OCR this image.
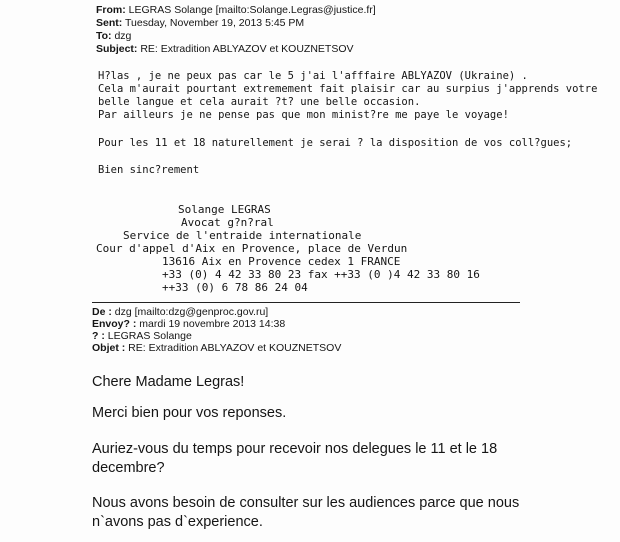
From: LEGRAS Solange [mailto:Solange.Legras@justice.fr]
Sent: Tuesday, November 19, 2013 5:45 PM
To: dzg
Subject: RE: Extradition ABLYAZOV et KOUZNETSOV
H?las , je ne peux pas car le 5 j'ai l'afffaire ABLYAZOV (Ukraine) .
Cela m'aurait pourtant extremement fait plaisir car au surpius j'apprends votre
belle langue et cela aurait ?t? une belle occasion.
Par ailleurs je ne pense pas que mon minist?re me paye le voyage!
Pour les 11 et 18 naturellement je serai ? la disposition de vos coll?gues;
Bien sinc?rement
Solange LEGRAS
Avocat g?n?ral
Service de l'entraide internationale
Cour d'appel d'Aix en Provence, place de Verdun
13616 Aix en Provence cedex 1 FRANCE
+33 (0) 4 42 33 80 23 fax ++33 (0 )4 42 33 80 16
++33 (0) 6 78 86 24 04
De : dzg [mailto:dzg@genproc.gov.ru]
Envoy? : mardi 19 novembre 2013 14:38
? : LEGRAS Solange
Objet : RE: Extradition ABLYAZOV et KOUZNETSOV
Chere Madame Legras!
Merci bien pour vos reponses.
Auriez-vous du temps pour recevoir nos delegues le 11 et le 18
decembre?
Nous avons besoin de consulter sur les audiences parce que nous
n`avons pas d`experience.
